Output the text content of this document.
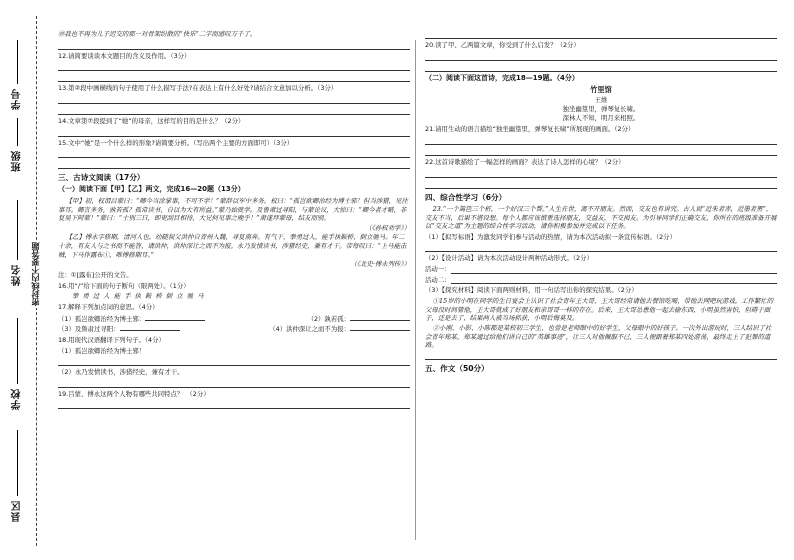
学号
班级
姓名
学校
县区
密封线内不要答题
⑩我也不再为儿子迟交的那一对骨架纷散的“快乐”二字而感叹万千了。
12.请简要谈谈本文题目的含义及作用。（3分）
13.第②段中画横线的句子使用了什么描写手法?在表达上有什么好处?请结合文意加以分析。（3分）
14.文章第⑦段提到了“她”的母亲，这样写的目的是什么？（2分）
15.文中“她”是一个什么样的形象?请简要分析。（写出两个主要的方面即可）（3分）
三、古诗文阅读（17分）
（一）阅读下面【甲】【乙】两文，完成16—20题（13分）
【甲】初，权谓吕蒙曰：“卿今当涂掌事，不可不学！”蒙辞以军中多务。权曰：“孤岂欲卿治经为博士邪！但当涉猎，见往事耳。卿言多务，孰若孤？孤常读书，自以为大有所益。”蒙乃始就学。及鲁肃过寻阳，与蒙论议，大惊曰：“卿今者才略，非复吴下阿蒙！”蒙曰：“士别三日，即更刮目相待，大兄何见事之晚乎！”肃遂拜蒙母，结友而别。
（《孙权劝学》）
【乙】傅永字修期，清河人也。幼随叔父洪仲自青州入魏，寻复南奔。有气干，拳勇过人，能手执鞍桥，倒立驰马。年二十余，有友人与之书而不能答，请洪仲，洪仲深让之而不为报。永乃发愤读书，涉猎经史，兼有才干。帝每叹曰：“上马能击贼，下马作露布①，唯傅修期耳。”
（《北史·傅永列传》）
注：①[露布]公开的文告。
16.用“/”给下面的句子断句（限两处）。（1分）
拳 勇 过 人 能 手 执 鞍 桥 倒 立 驰 马
17.解释下列加点词的意思。（4分）
（1）孤岂欲卿治经为博士邪：	（2）孰若孤：
（3）及鲁肃过寻阳：	（4）洪仲深让之而不为报：
18.用现代汉语翻译下列句子。（4分）
（1）孤岂欲卿治经为博士邪！
（2）永乃发愤读书，涉猎经史，兼有才干。
19.吕蒙、傅永这两个人物有哪些共同特点？　（2分）
20.读了甲、乙两篇文章，你受到了什么启发？（2分）
（二）阅读下面这首诗，完成18—19题。（4分）
竹里馆
王维
独坐幽篁里，弹琴复长啸。
深林人不知，明月来相照。
21.请用生动的语言描绘“独坐幽篁里，弹琴复长啸”所展现的画面。（2分）
22.这首诗歌描绘了一幅怎样的画面？表达了诗人怎样的心境？（2分）
四、综合性学习（6分）
23.“一个篱笆三个桩，一个好汉三个帮。”人生在世，离不开朋友。然而，交友也有讲究。古人说“近朱者赤，近墨者黑”，交友不当，后果不堪设想。每个人都应该慎重选择朋友，交益友，不交损友。为引导同学们正确交友，你所在的班级准备开展以“交友之道”为主题的综合性学习活动，请你积极参加并完成以下任务。
（1）【拟写标语】为激发同学们参与活动的热情，请为本次活动拟一条宣传标语。（2分）
（2）【设计活动】请为本次活动设计两种活动形式。（2分）
活动一：
活动二：
（3）【探究材料】阅读下面两则材料，用一句话写出你的探究结果。（2分）
①15岁的小明在同学的生日宴会上认识了社会青年王大哥，王大哥经常请他去餐馆吃喝，带他去网吧玩游戏。工作繁忙的父母没时间管他，王大哥就成了好朋友和亲哥哥一样的存在。后来，王大哥怂恿他一起去偷东西，小明虽然害怕，但碍于面子，还是去了，结果两人被当场抓获，小明后悔莫及。
②小刚、小影、小陈都是某校初三学生，也曾是老师眼中的好学生，父母眼中的好孩子。一次外出游玩时，三人结识了社会青年郑某，郑某通过给他们讲自己的“英雄事迹”，让三人对他佩服不已，三人便跟着郑某四处游荡，最终走上了犯罪的道路。
五、作文（50分）
